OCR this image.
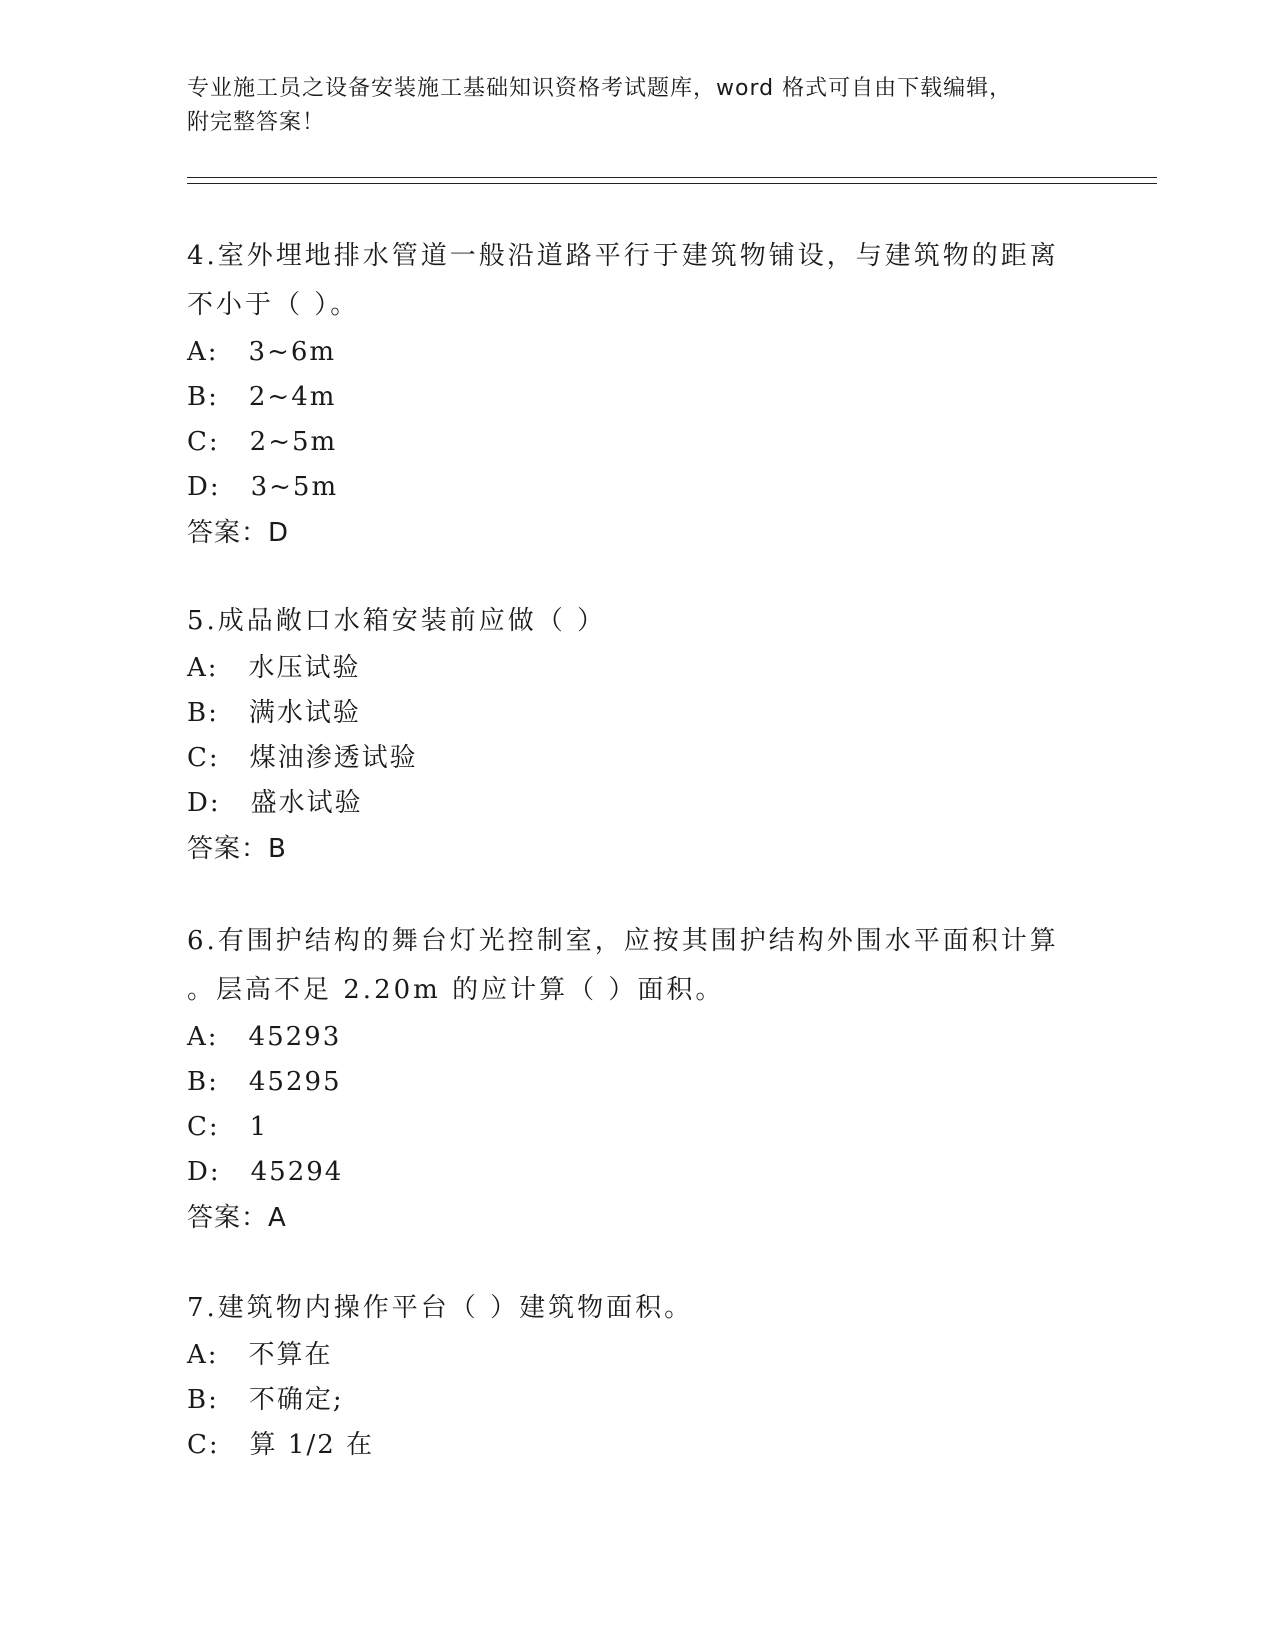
专业施工员之设备安装施工基础知识资格考试题库，word 格式可自由下载编辑，
附完整答案！
4.室外埋地排水管道一般沿道路平行于建筑物铺设，与建筑物的距离
不小于（ ）。
A: 3~6m
B: 2~4m
C: 2~5m
D: 3~5m
答案：D
5.成品敞口水箱安装前应做（ ）
A: 水压试验
B: 满水试验
C: 煤油渗透试验
D: 盛水试验
答案：B
6.有围护结构的舞台灯光控制室，应按其围护结构外围水平面积计算
。层高不足 2.20m 的应计算（ ）面积。
A: 45293
B: 45295
C: 1
D: 45294
答案：A
7.建筑物内操作平台（ ）建筑物面积。
A: 不算在
B: 不确定;
C: 算 1/2 在
